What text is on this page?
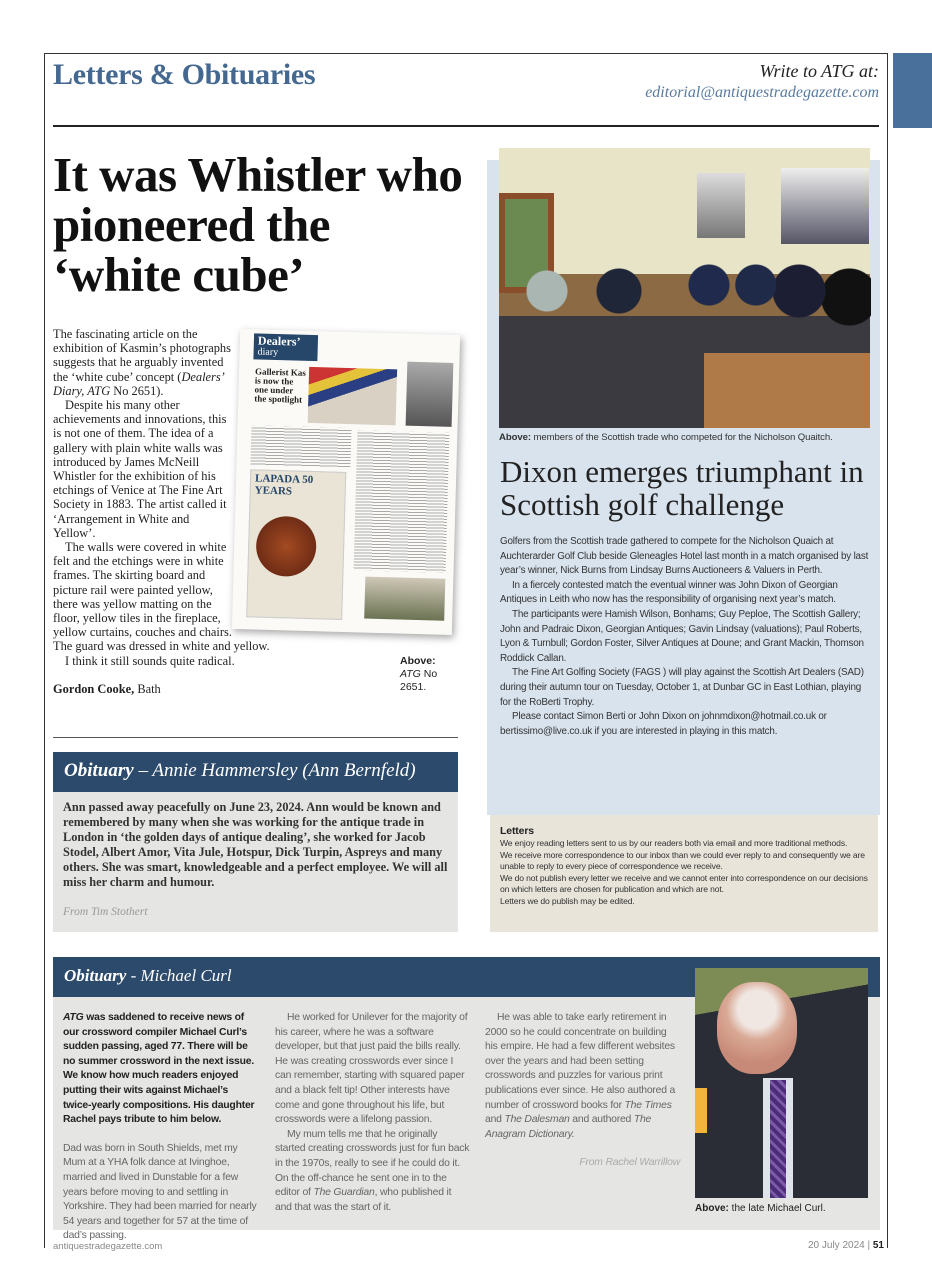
Letters & Obituaries	Write to ATG at:
editorial@antiquestradegazette.com
It was Whistler who pioneered the ‘white cube’

The fascinating article on the exhibition of Kasmin’s photographs suggests that he arguably invented the ‘white cube’ concept (Dealers’ Diary, ATG No 2651).

Despite his many other achievements and innovations, this is not one of them. The idea of a gallery with plain white walls was introduced by James McNeill Whistler for the exhibition of his etchings of Venice at The Fine Art Society in 1883. The artist called it ‘Arrangement in White and Yellow’.

The walls were covered in white felt and the etchings were in white frames. The skirting board and picture rail were painted yellow, there was yellow matting on the floor, yellow tiles in the fireplace, yellow curtains, couches and chairs. The guard was dressed in white and yellow.

I think it still sounds quite radical.

Gordon Cooke, Bath

Dealers’
diary
Gallerist Kas is now the one under the spotlight
LAPADA 50 YEARS
Above:
ATG No 2651.
Obituary – Annie Hammersley (Ann Bernfeld)

Ann passed away peacefully on June 23, 2024. Ann would be known and remembered by many when she was working for the antique trade in London in ‘the golden days of antique dealing’, she worked for Jacob Stodel, Albert Amor, Vita Jule, Hotspur, Dick Turpin, Aspreys and many others. She was smart, knowledgeable and a perfect employee. We will all miss her charm and humour.

From Tim Stothert

Above: members of the Scottish trade who competed for the Nicholson Quaitch.
Dixon emerges triumphant in Scottish golf challenge

Golfers from the Scottish trade gathered to compete for the Nicholson Quaich at Auchterarder Golf Club beside Gleneagles Hotel last month in a match organised by last year’s winner, Nick Burns from Lindsay Burns Auctioneers & Valuers in Perth.

In a fiercely contested match the eventual winner was John Dixon of Georgian Antiques in Leith who now has the responsibility of organising next year’s match.

The participants were Hamish Wilson, Bonhams; Guy Peploe, The Scottish Gallery; John and Padraic Dixon, Georgian Antiques; Gavin Lindsay (valuations); Paul Roberts, Lyon & Turnbull; Gordon Foster, Silver Antiques at Doune; and Grant Mackin, Thomson Roddick Callan.

The Fine Art Golfing Society (FAGS ) will play against the Scottish Art Dealers (SAD) during their autumn tour on Tuesday, October 1, at Dunbar GC in East Lothian, playing for the RoBerti Trophy.

Please contact Simon Berti or John Dixon on johnmdixon@hotmail.co.uk or bertissimo@live.co.uk if you are interested in playing in this match.

Letters
We enjoy reading letters sent to us by our readers both via email and more traditional methods.
We receive more correspondence to our inbox than we could ever reply to and consequently we are unable to reply to every piece of correspondence we receive.
We do not publish every letter we receive and we cannot enter into correspondence on our decisions on which letters are chosen for publication and which are not.
Letters we do publish may be edited.
Obituary - Michael Curl

ATG was saddened to receive news of our crossword compiler Michael Curl’s sudden passing, aged 77. There will be no summer crossword in the next issue. We know how much readers enjoyed putting their wits against Michael’s twice-yearly compositions. His daughter Rachel pays tribute to him below.

Dad was born in South Shields, met my Mum at a YHA folk dance at Ivinghoe, married and lived in Dunstable for a few years before moving to and settling in Yorkshire. They had been married for nearly 54 years and together for 57 at the time of dad’s passing.

He worked for Unilever for the majority of his career, where he was a software developer, but that just paid the bills really. He was creating crosswords ever since I can remember, starting with squared paper and a black felt tip! Other interests have come and gone throughout his life, but crosswords were a lifelong passion.

My mum tells me that he originally started creating crosswords just for fun back in the 1970s, really to see if he could do it. On the off-chance he sent one in to the editor of The Guardian, who published it and that was the start of it.

He was able to take early retirement in 2000 so he could concentrate on building his empire. He had a few different websites over the years and had been setting crosswords and puzzles for various print publications ever since. He also authored a number of crossword books for The Times and The Dalesman and authored The Anagram Dictionary.

From Rachel Warrillow

Above: the late Michael Curl.
antiquestradegazette.com	20 July 2024 | 51
